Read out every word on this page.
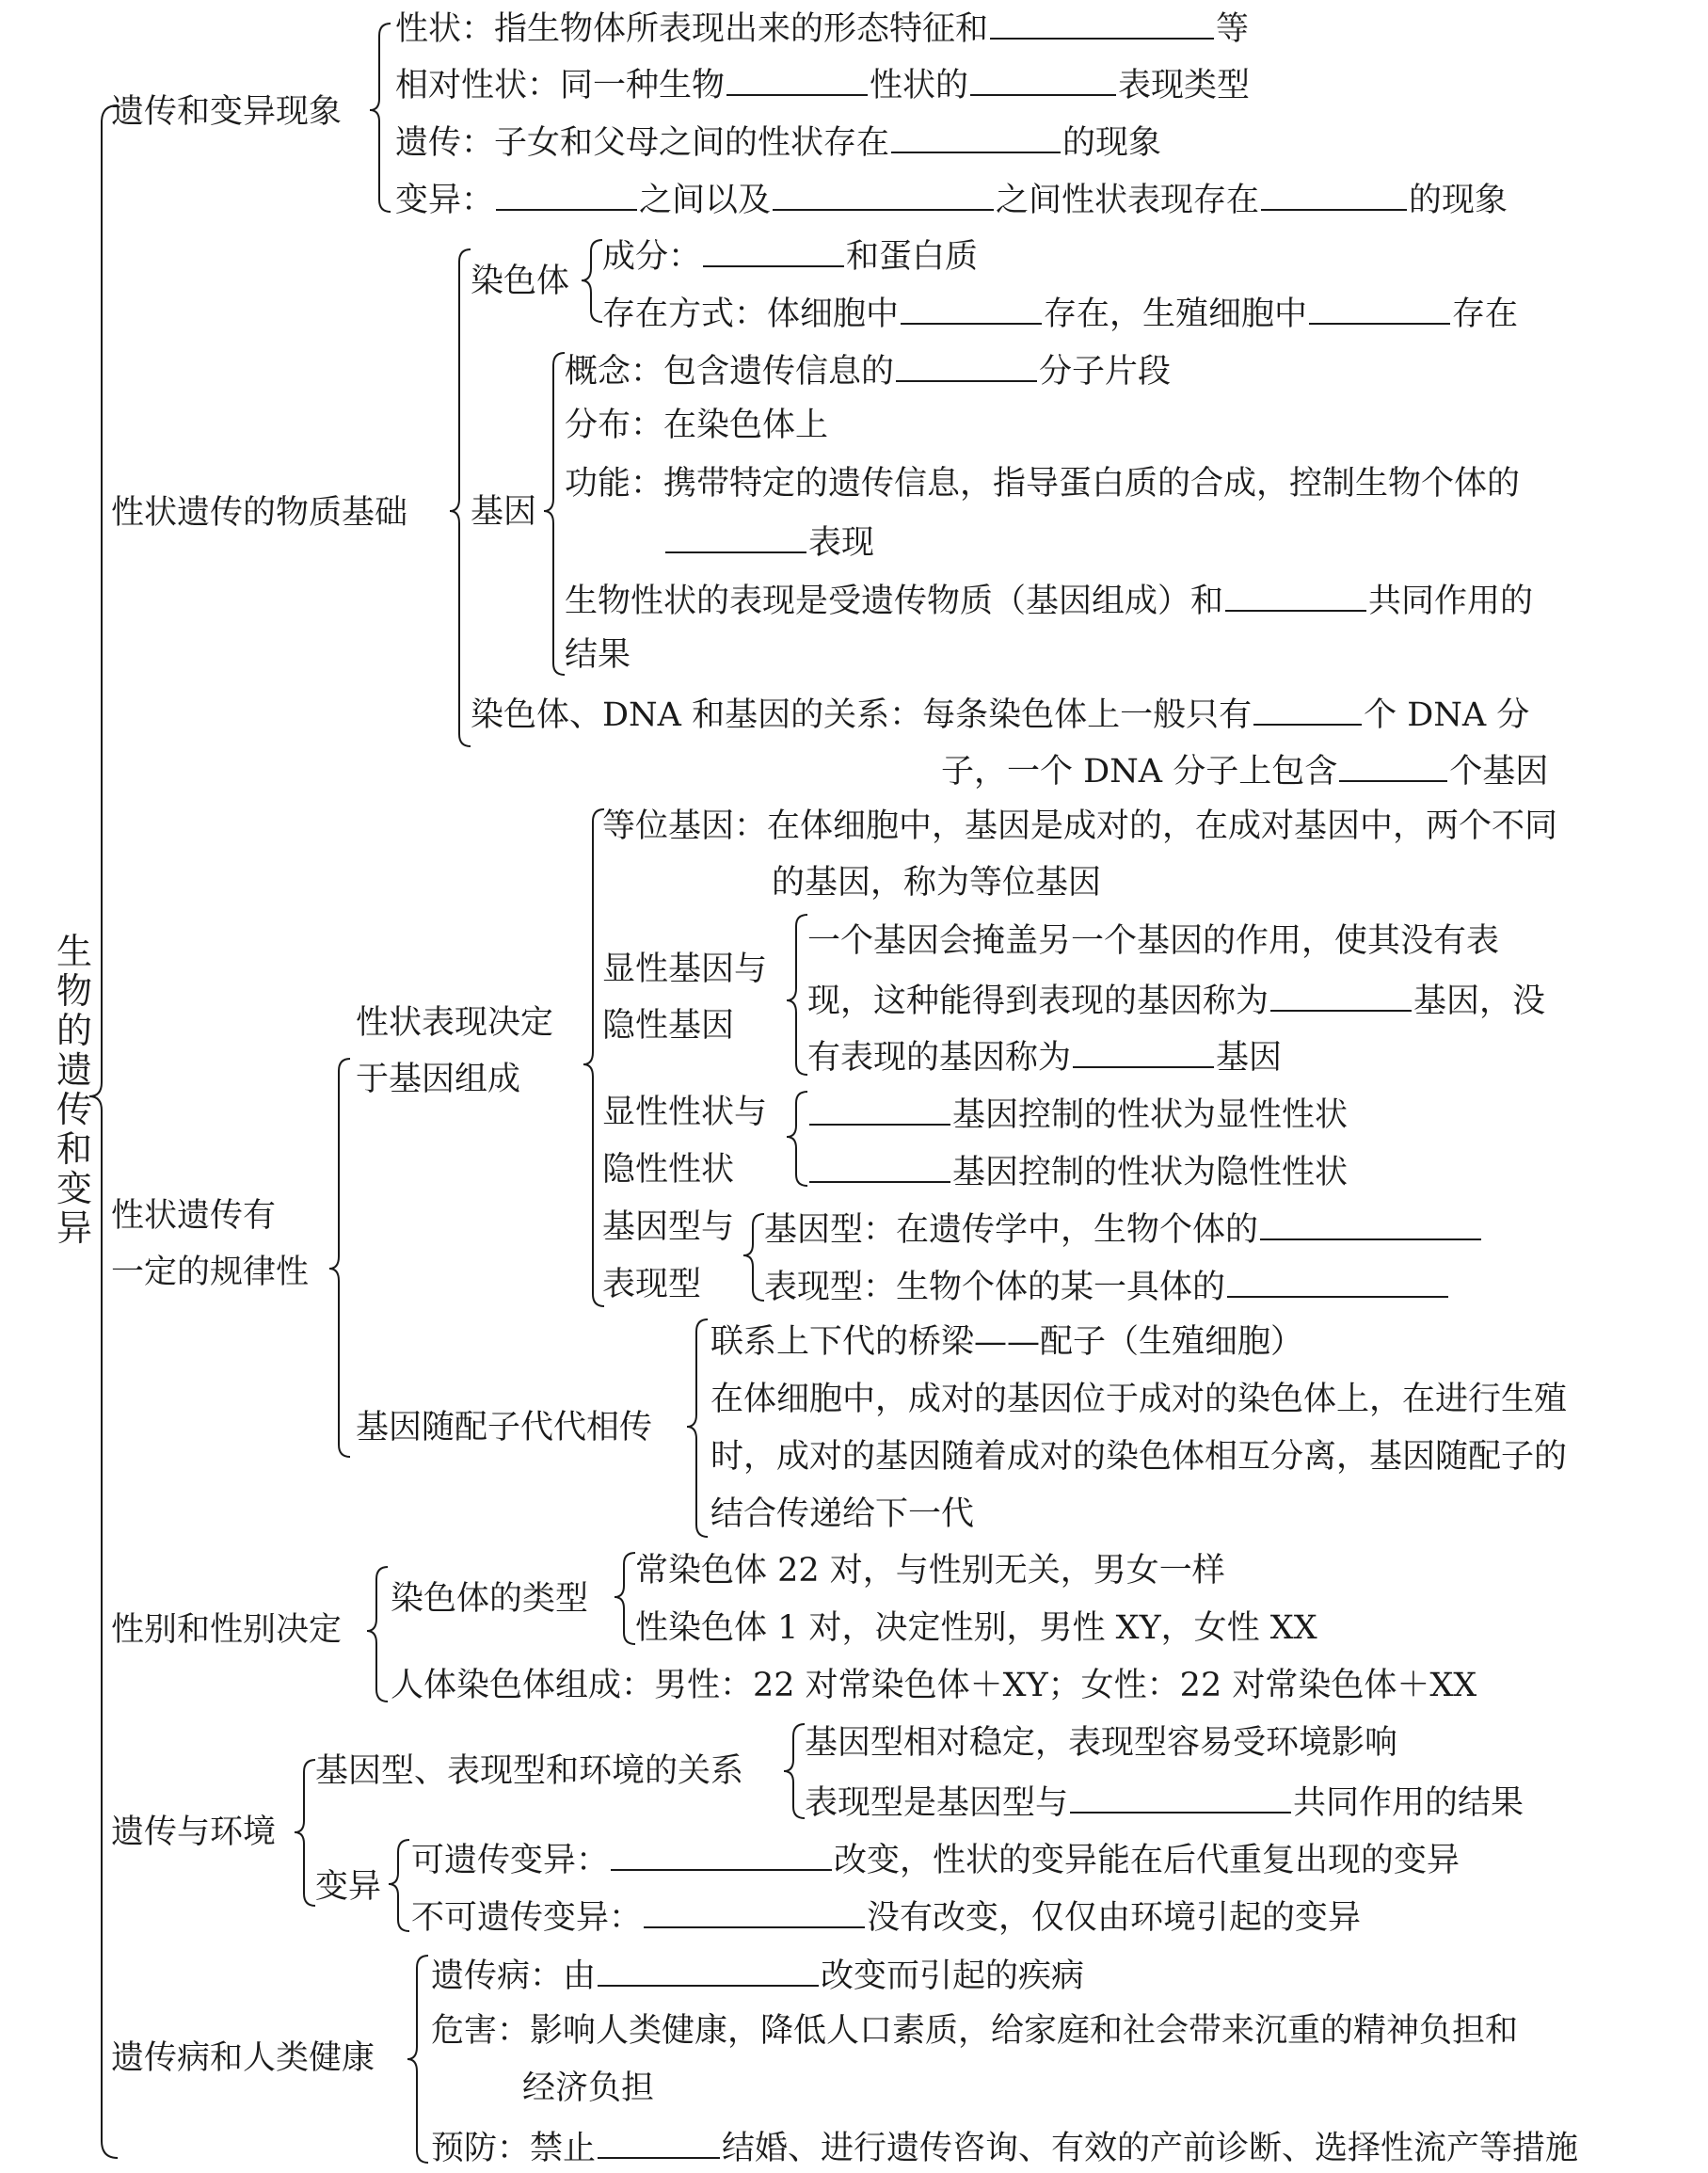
生物的遗传和变异
遗传和变异现象
性状遗传的物质基础
性状遗传有
一定的规律性
性别和性别决定
遗传与环境
遗传病和人类健康
性状：指生物体所表现出来的形态特征和	等
相对性状：同一种生物	性状的	表现类型
遗传：子女和父母之间的性状存在	的现象
变异：	之间以及	之间性状表现存在	的现象
染色体
成分：	和蛋白质
存在方式：体细胞中	存在，生殖细胞中	存在
基因
概念：包含遗传信息的	分子片段
分布：在染色体上
功能：携带特定的遗传信息，指导蛋白质的合成，控制生物个体的
表现
生物性状的表现是受遗传物质（基因组成）和	共同作用的
结果
染色体、DNA 和基因的关系：每条染色体上一般只有	个 DNA 分
子，一个 DNA 分子上包含	个基因
性状表现决定
于基因组成
等位基因：在体细胞中，基因是成对的，在成对基因中，两个不同
的基因，称为等位基因
显性基因与
隐性基因
一个基因会掩盖另一个基因的作用，使其没有表
现，这种能得到表现的基因称为	基因，没
有表现的基因称为	基因
显性性状与
隐性性状
基因控制的性状为显性性状
基因控制的性状为隐性性状
基因型与
表现型
基因型：在遗传学中，生物个体的
表现型：生物个体的某一具体的
基因随配子代代相传
联系上下代的桥梁——配子（生殖细胞）
在体细胞中，成对的基因位于成对的染色体上，在进行生殖
时，成对的基因随着成对的染色体相互分离，基因随配子的
结合传递给下一代
染色体的类型
常染色体 22 对，与性别无关，男女一样
性染色体 1 对，决定性别，男性 XY，女性 XX
人体染色体组成：男性：22 对常染色体＋XY；女性：22 对常染色体＋XX
基因型、表现型和环境的关系
基因型相对稳定，表现型容易受环境影响
表现型是基因型与	共同作用的结果
变异
可遗传变异：	改变，性状的变异能在后代重复出现的变异
不可遗传变异：	没有改变，仅仅由环境引起的变异
遗传病：由	改变而引起的疾病
危害：影响人类健康，降低人口素质，给家庭和社会带来沉重的精神负担和
经济负担
预防：禁止	结婚、进行遗传咨询、有效的产前诊断、选择性流产等措施
